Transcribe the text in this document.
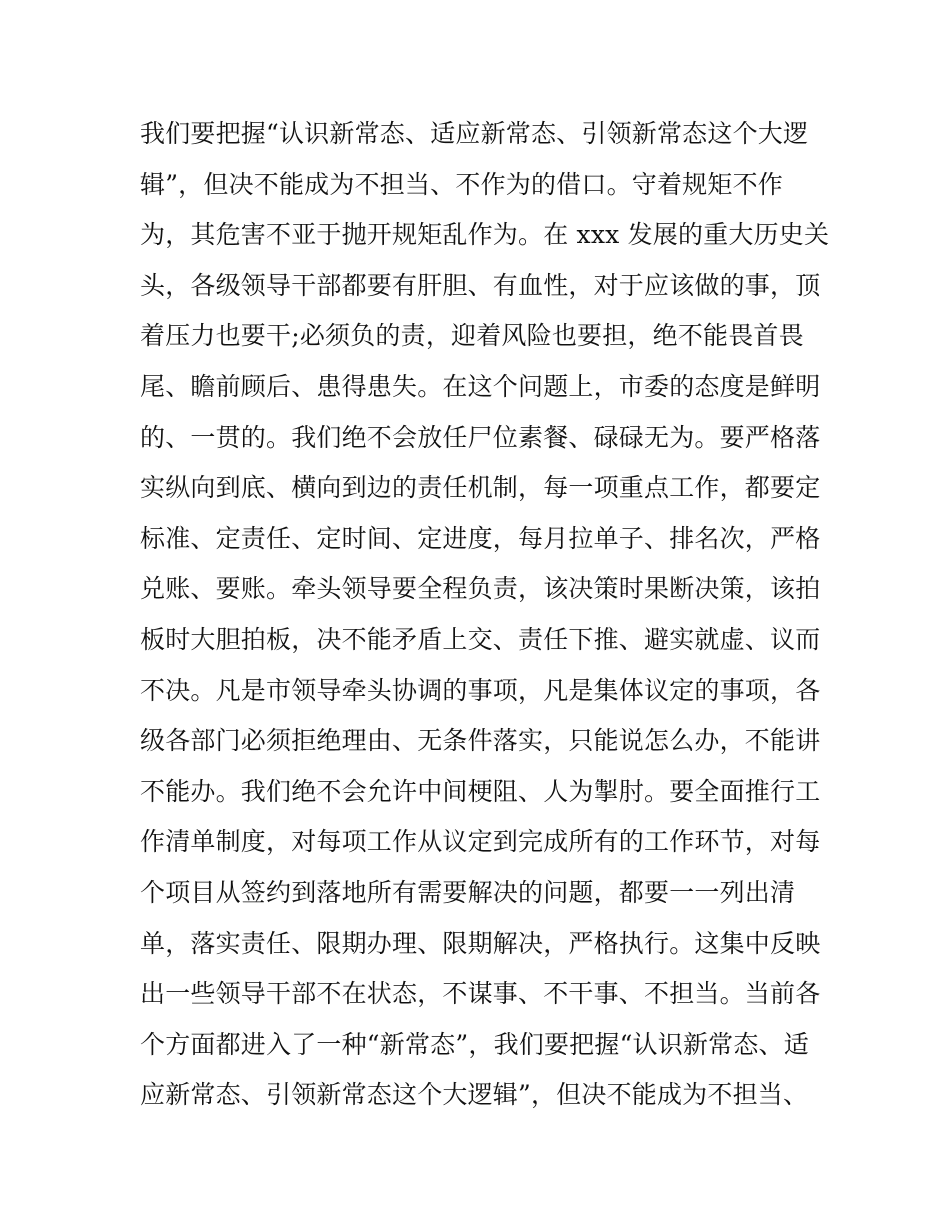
我们要把握“认识新常态、适应新常态、引领新常态这个大逻
辑”，但决不能成为不担当、不作为的借口。守着规矩不作
为，其危害不亚于抛开规矩乱作为。在 xxx 发展的重大历史关
头，各级领导干部都要有肝胆、有血性，对于应该做的事，顶
着压力也要干;必须负的责，迎着风险也要担，绝不能畏首畏
尾、瞻前顾后、患得患失。在这个问题上，市委的态度是鲜明
的、一贯的。我们绝不会放任尸位素餐、碌碌无为。要严格落
实纵向到底、横向到边的责任机制，每一项重点工作，都要定
标准、定责任、定时间、定进度，每月拉单子、排名次，严格
兑账、要账。牵头领导要全程负责，该决策时果断决策，该拍
板时大胆拍板，决不能矛盾上交、责任下推、避实就虚、议而
不决。凡是市领导牵头协调的事项，凡是集体议定的事项，各
级各部门必须拒绝理由、无条件落实，只能说怎么办，不能讲
不能办。我们绝不会允许中间梗阻、人为掣肘。要全面推行工
作清单制度，对每项工作从议定到完成所有的工作环节，对每
个项目从签约到落地所有需要解决的问题，都要一一列出清
单，落实责任、限期办理、限期解决，严格执行。这集中反映
出一些领导干部不在状态，不谋事、不干事、不担当。当前各
个方面都进入了一种“新常态”，我们要把握“认识新常态、适
应新常态、引领新常态这个大逻辑”，但决不能成为不担当、
